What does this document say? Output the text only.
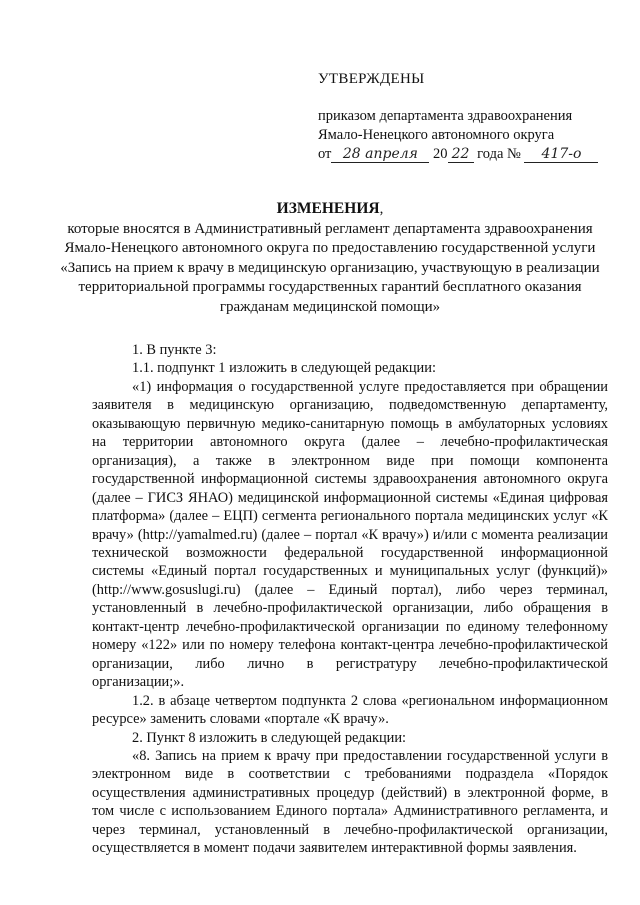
УТВЕРЖДЕНЫ
приказом департамента здравоохранения
Ямало-Ненецкого автономного округа
от 28 апреля 20 22 года № 417-о
ИЗМЕНЕНИЯ,
которые вносятся в Административный регламент департамента здравоохранения Ямало-Ненецкого автономного округа по предоставлению государственной услуги «Запись на прием к врачу в медицинскую организацию, участвующую в реализации территориальной программы государственных гарантий бесплатного оказания гражданам медицинской помощи»

1. В пункте 3:

1.1. подпункт 1 изложить в следующей редакции:

«1) информация о государственной услуге предоставляется при обращении заявителя в медицинскую организацию, подведомственную департаменту, оказывающую первичную медико-санитарную помощь в амбулаторных условиях на территории автономного округа (далее – лечебно-профилактическая организация), а также в электронном виде при помощи компонента государственной информационной системы здравоохранения автономного округа (далее – ГИСЗ ЯНАО) медицинской информационной системы «Единая цифровая платформа» (далее – ЕЦП) сегмента регионального портала медицинских услуг «К врачу» (http://yamalmed.ru) (далее – портал «К врачу») и/или с момента реализации технической возможности федеральной государственной информационной системы «Единый портал государственных и муниципальных услуг (функций)» (http://www.gosuslugi.ru) (далее – Единый портал), либо через терминал, установленный в лечебно-профилактической организации, либо обращения в контакт-центр лечебно-профилактической организации по единому телефонному номеру «122» или по номеру телефона контакт-центра лечебно-профилактической организации, либо лично в регистратуру лечебно-профилактической организации;».

1.2. в абзаце четвертом подпункта 2 слова «региональном информационном ресурсе» заменить словами «портале «К врачу».

2. Пункт 8 изложить в следующей редакции:

«8. Запись на прием к врачу при предоставлении государственной услуги в электронном виде в соответствии с требованиями подраздела «Порядок осуществления административных процедур (действий) в электронной форме, в том числе с использованием Единого портала» Административного регламента, и через терминал, установленный в лечебно-профилактической организации, осуществляется в момент подачи заявителем интерактивной формы заявления.
